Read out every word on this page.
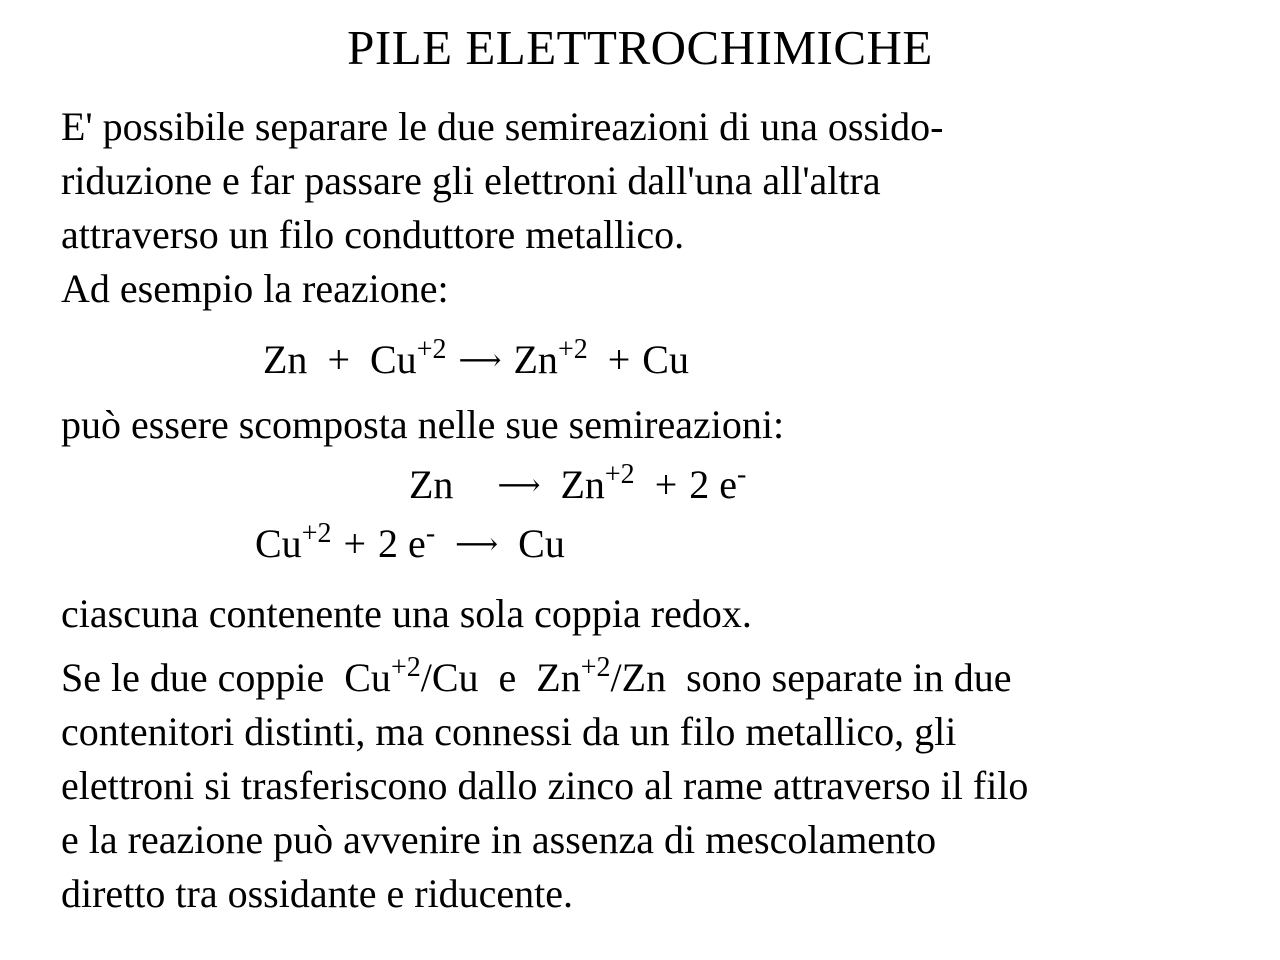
PILE ELETTROCHIMICHE
E' possibile separare le due semireazioni di una ossido-
riduzione e far passare gli elettroni dall'una all'altra
attraverso un filo conduttore metallico.
Ad esempio la reazione:
$Zn + Cu^{+2}$ ⟶ $Zn^{+2} + Cu$
può essere scomposta nelle sue semireazioni:
Zn ⟶ $Zn^{+2} + 2$ e-
$Cu^{+2} + 2$ e- ⟶ Cu
ciascuna contenente una sola coppia redox.
Se le due coppie  $Cu^{+2}/Cu$  e  $Zn^{+2}/Zn$  sono separate in due
contenitori distinti, ma connessi da un filo metallico, gli
elettroni si trasferiscono dallo zinco al rame attraverso il filo
e la reazione può avvenire in assenza di mescolamento
diretto tra ossidante e riducente.
